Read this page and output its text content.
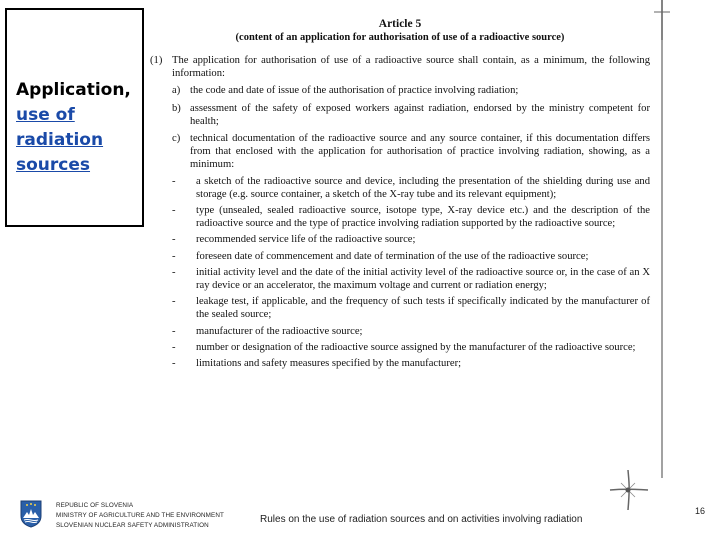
Application,
use of
radiation
sources
Article 5
(content of an application for authorisation of use of a radioactive source)
(1) The application for authorisation of use of a radioactive source shall contain, as a minimum, the following information:
a) the code and date of issue of the authorisation of practice involving radiation;
b) assessment of the safety of exposed workers against radiation, endorsed by the ministry competent for health;
c) technical documentation of the radioactive source and any source container, if this documentation differs from that enclosed with the application for authorisation of practice involving radiation, showing, as a minimum:
-	a sketch of the radioactive source and device, including the presentation of the shielding during use and storage (e.g. source container, a sketch of the X-ray tube and its relevant equipment);
-	type (unsealed, sealed radioactive source, isotope type, X-ray device etc.) and the description of the radioactive source and the type of practice involving radiation supported by the radioactive source;
-	recommended service life of the radioactive source;
-	foreseen date of commencement and date of termination of the use of the radioactive source;
-	initial activity level and the date of the initial activity level of the radioactive source or, in the case of an X ray device or an accelerator, the maximum voltage and current or radiation energy;
-	leakage test, if applicable, and the frequency of such tests if specifically indicated by the manufacturer of the sealed source;
-	manufacturer of the radioactive source;
-	number or designation of the radioactive source assigned by the manufacturer of the radioactive source;
-	limitations and safety measures specified by the manufacturer;
REPUBLIC OF SLOVENIA
MINISTRY OF AGRICULTURE AND THE ENVIRONMENT
SLOVENIAN NUCLEAR SAFETY ADMINISTRATION
Rules on the use of radiation sources and on activities involving radiation
16
